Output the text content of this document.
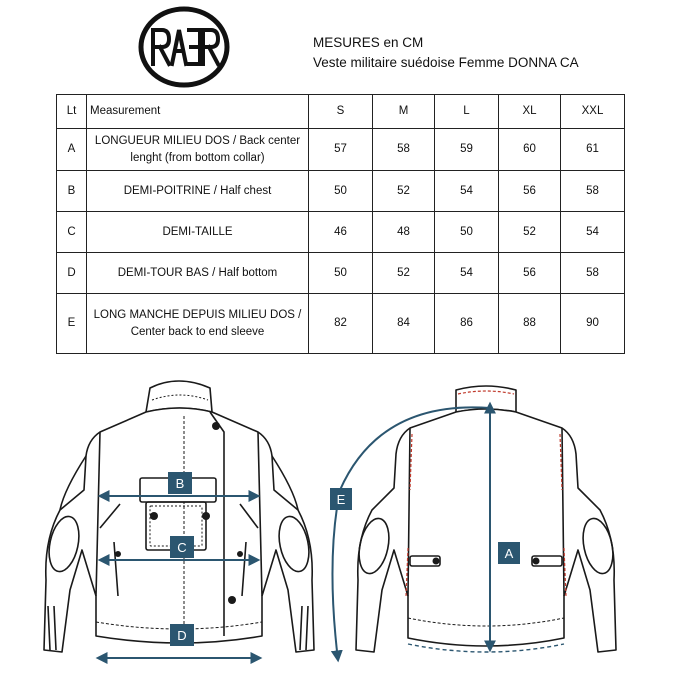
MESURES en CM
Veste militaire suédoise Femme DONNA CA
Lt	Measurement	S	M	L	XL	XXL
A	LONGUEUR MILIEU DOS / Back center lenght (from bottom collar)	57	58	59	60	61
B	DEMI-POITRINE / Half chest	50	52	54	56	58
C	DEMI-TAILLE	46	48	50	52	54
D	DEMI-TOUR BAS / Half bottom	50	52	54	56	58
E	LONG MANCHE DEPUIS MILIEU DOS / Center back to end sleeve	82	84	86	88	90
B
C
D
E
A
